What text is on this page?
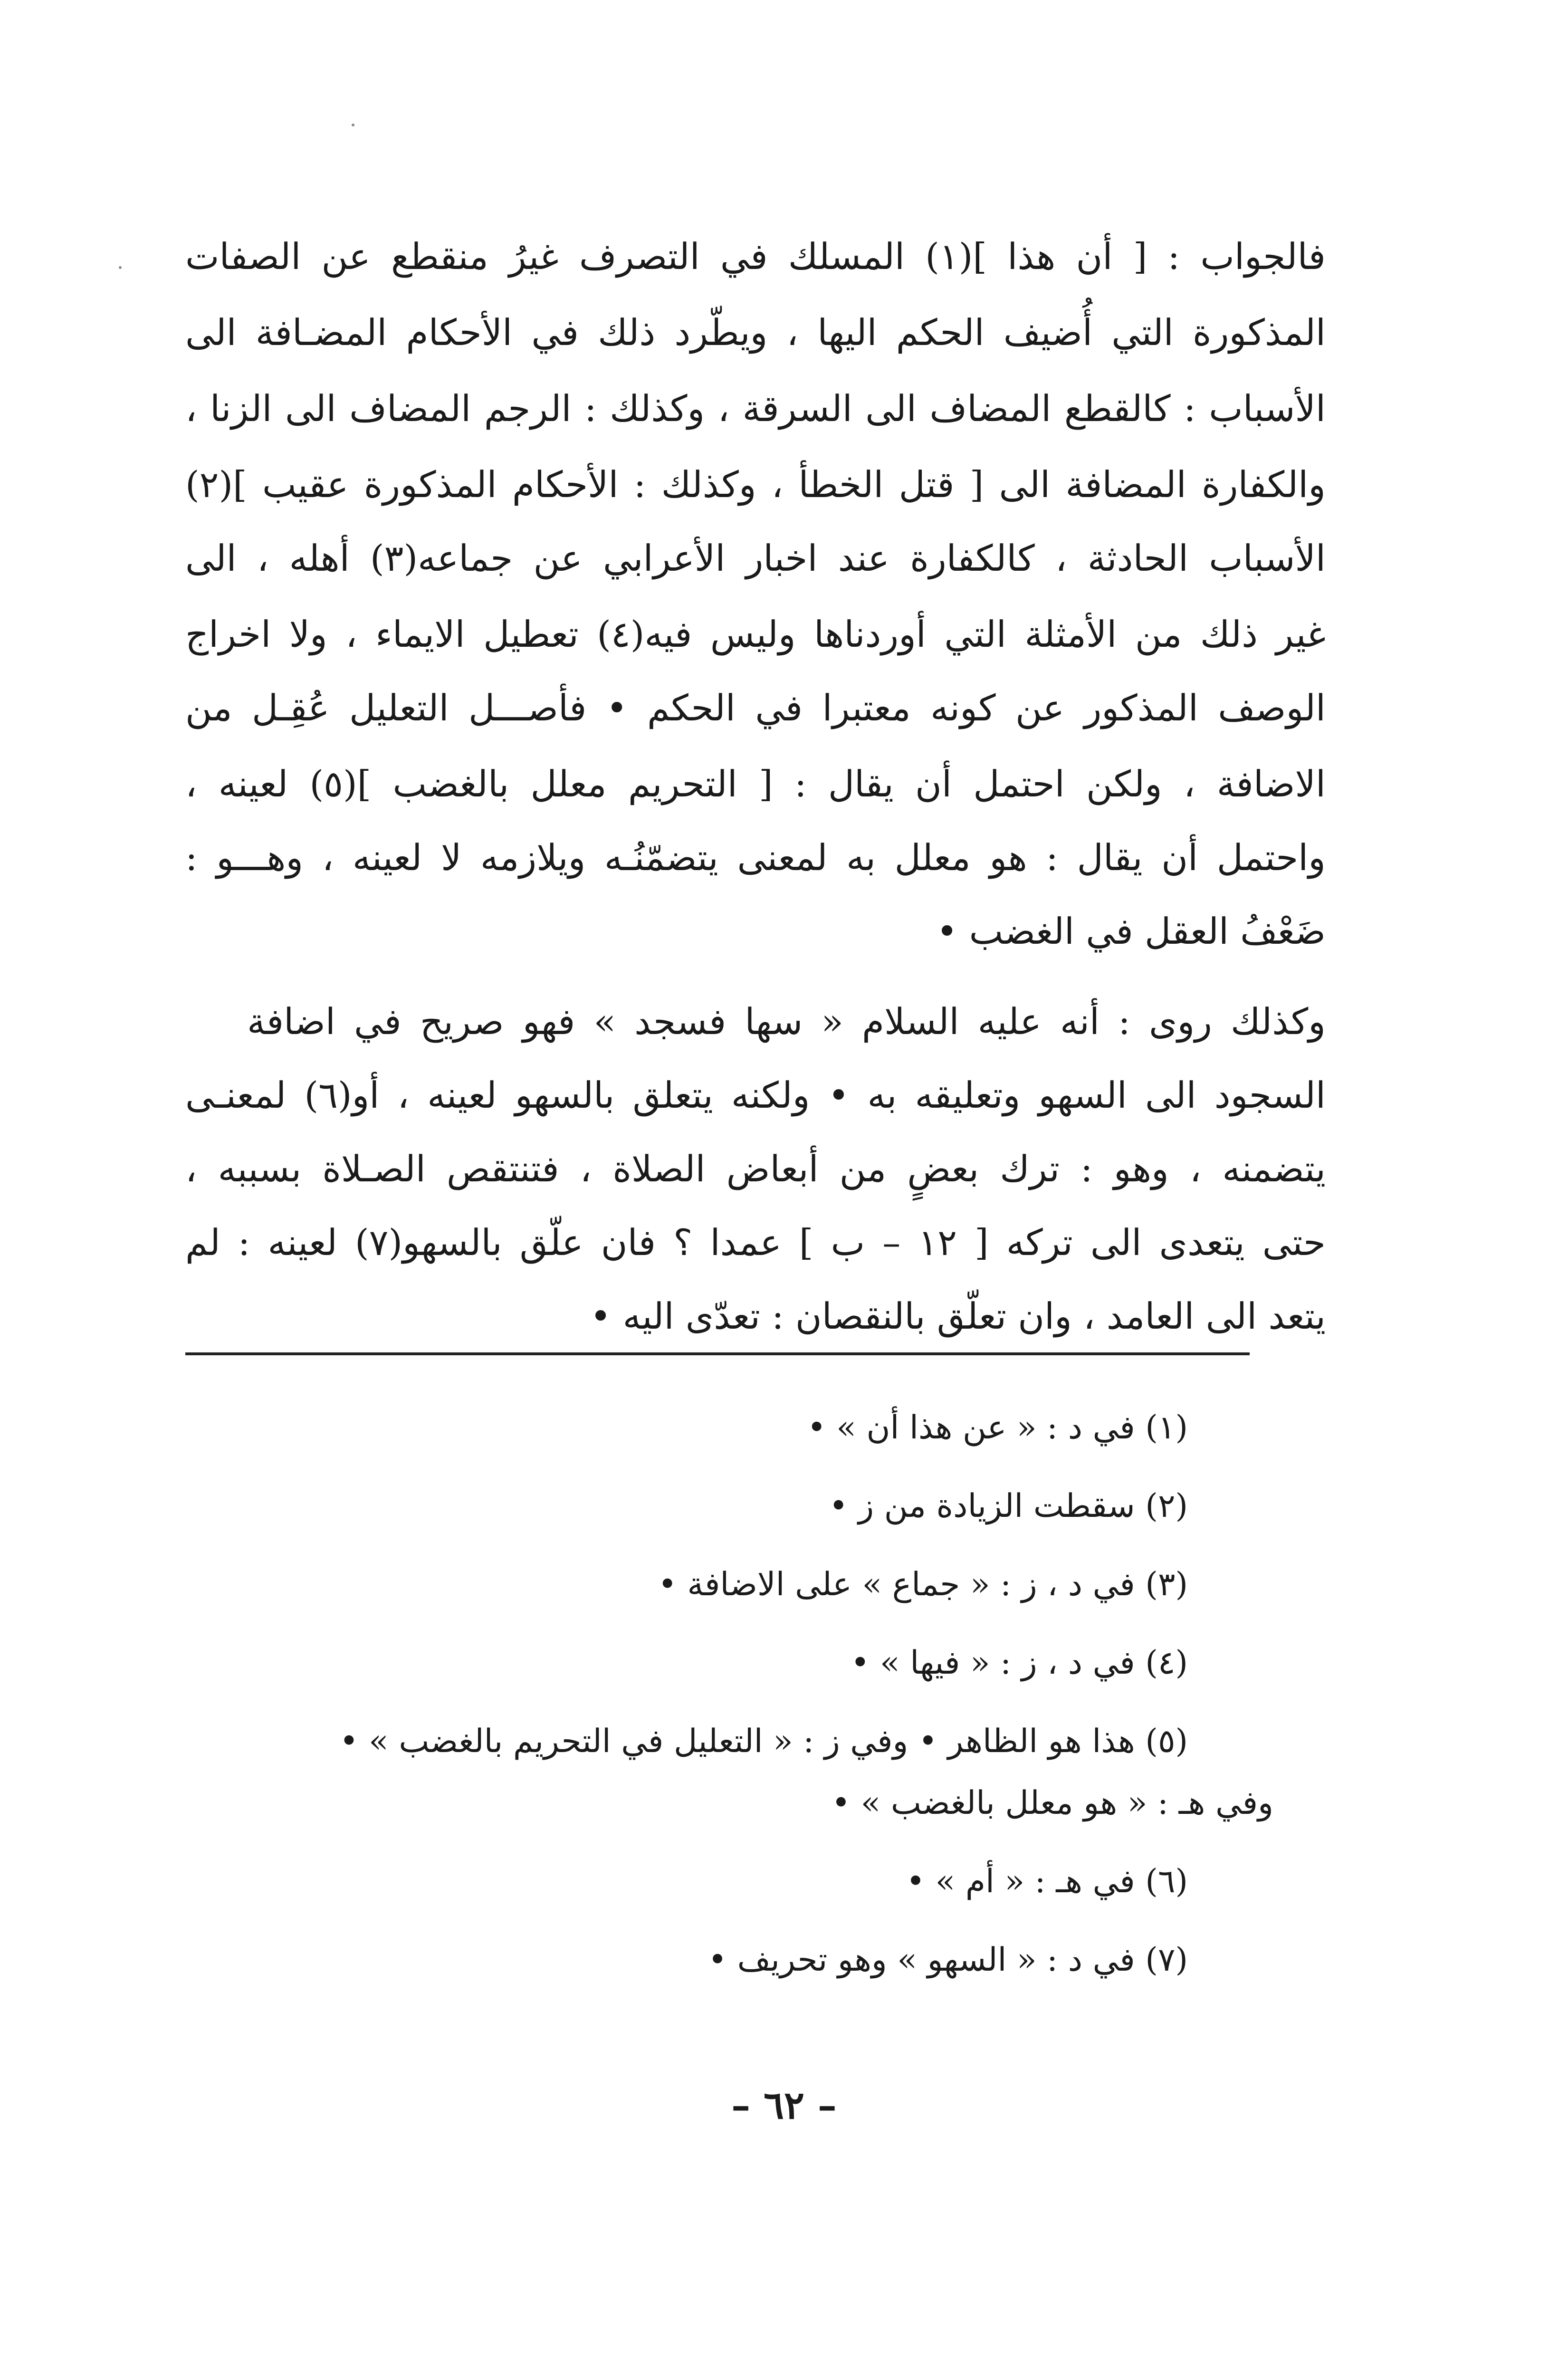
فالجواب : [ أن هذا ](١) المسلك في التصرف غيرُ منقطع عن الصفات
المذكورة التي أُضيف الحكم اليها ، ويطّرد ذلك في الأحكام المضـافة الى
الأسباب : كالقطع المضاف الى السرقة ، وكذلك : الرجم المضاف الى الزنا ،
والكفارة المضافة الى [ قتل الخطأ ، وكذلك : الأحكام المذكورة عقيب ](٢)
الأسباب الحادثة ، كالكفارة عند اخبار الأعرابي عن جماعه(٣) أهله ، الى
غير ذلك من الأمثلة التي أوردناها وليس فيه(٤) تعطيل الايماء ، ولا اخراج
الوصف المذكور عن كونه معتبرا في الحكم • فأصـــل التعليل عُقِـل من
الاضافة ، ولكن احتمل أن يقال : [ التحريم معلل بالغضب ](٥) لعينه ،
واحتمل أن يقال : هو معلل به لمعنى يتضمّنُـه ويلازمه لا لعينه ، وهـــو :
ضَعْفُ العقل في الغضب •
وكذلك روى : أنه عليه السلام « سها فسجد » فهو صريح في اضافة
السجود الى السهو وتعليقه به • ولكنه يتعلق بالسهو لعينه ، أو(٦) لمعنـى
يتضمنه ، وهو : ترك بعضٍ من أبعاض الصلاة ، فتنتقص الصـلاة بسببه ،
حتى يتعدى الى تركه [ ١٢ – ب ] عمدا ؟ فان علّق بالسهو(٧) لعينه : لم
يتعد الى العامد ، وان تعلّق بالنقصان : تعدّى اليه •
(١) في د : « عن هذا أن » •
(٢) سقطت الزيادة من ز •
(٣) في د ، ز : « جماع » على الاضافة •
(٤) في د ، ز : « فيها » •
(٥) هذا هو الظاهر • وفي ز : « التعليل في التحريم بالغضب » •
وفي هـ : « هو معلل بالغضب » •
(٦) في هـ : « أم » •
(٧) في د : « السهو » وهو تحريف •
– ٦٢ –
